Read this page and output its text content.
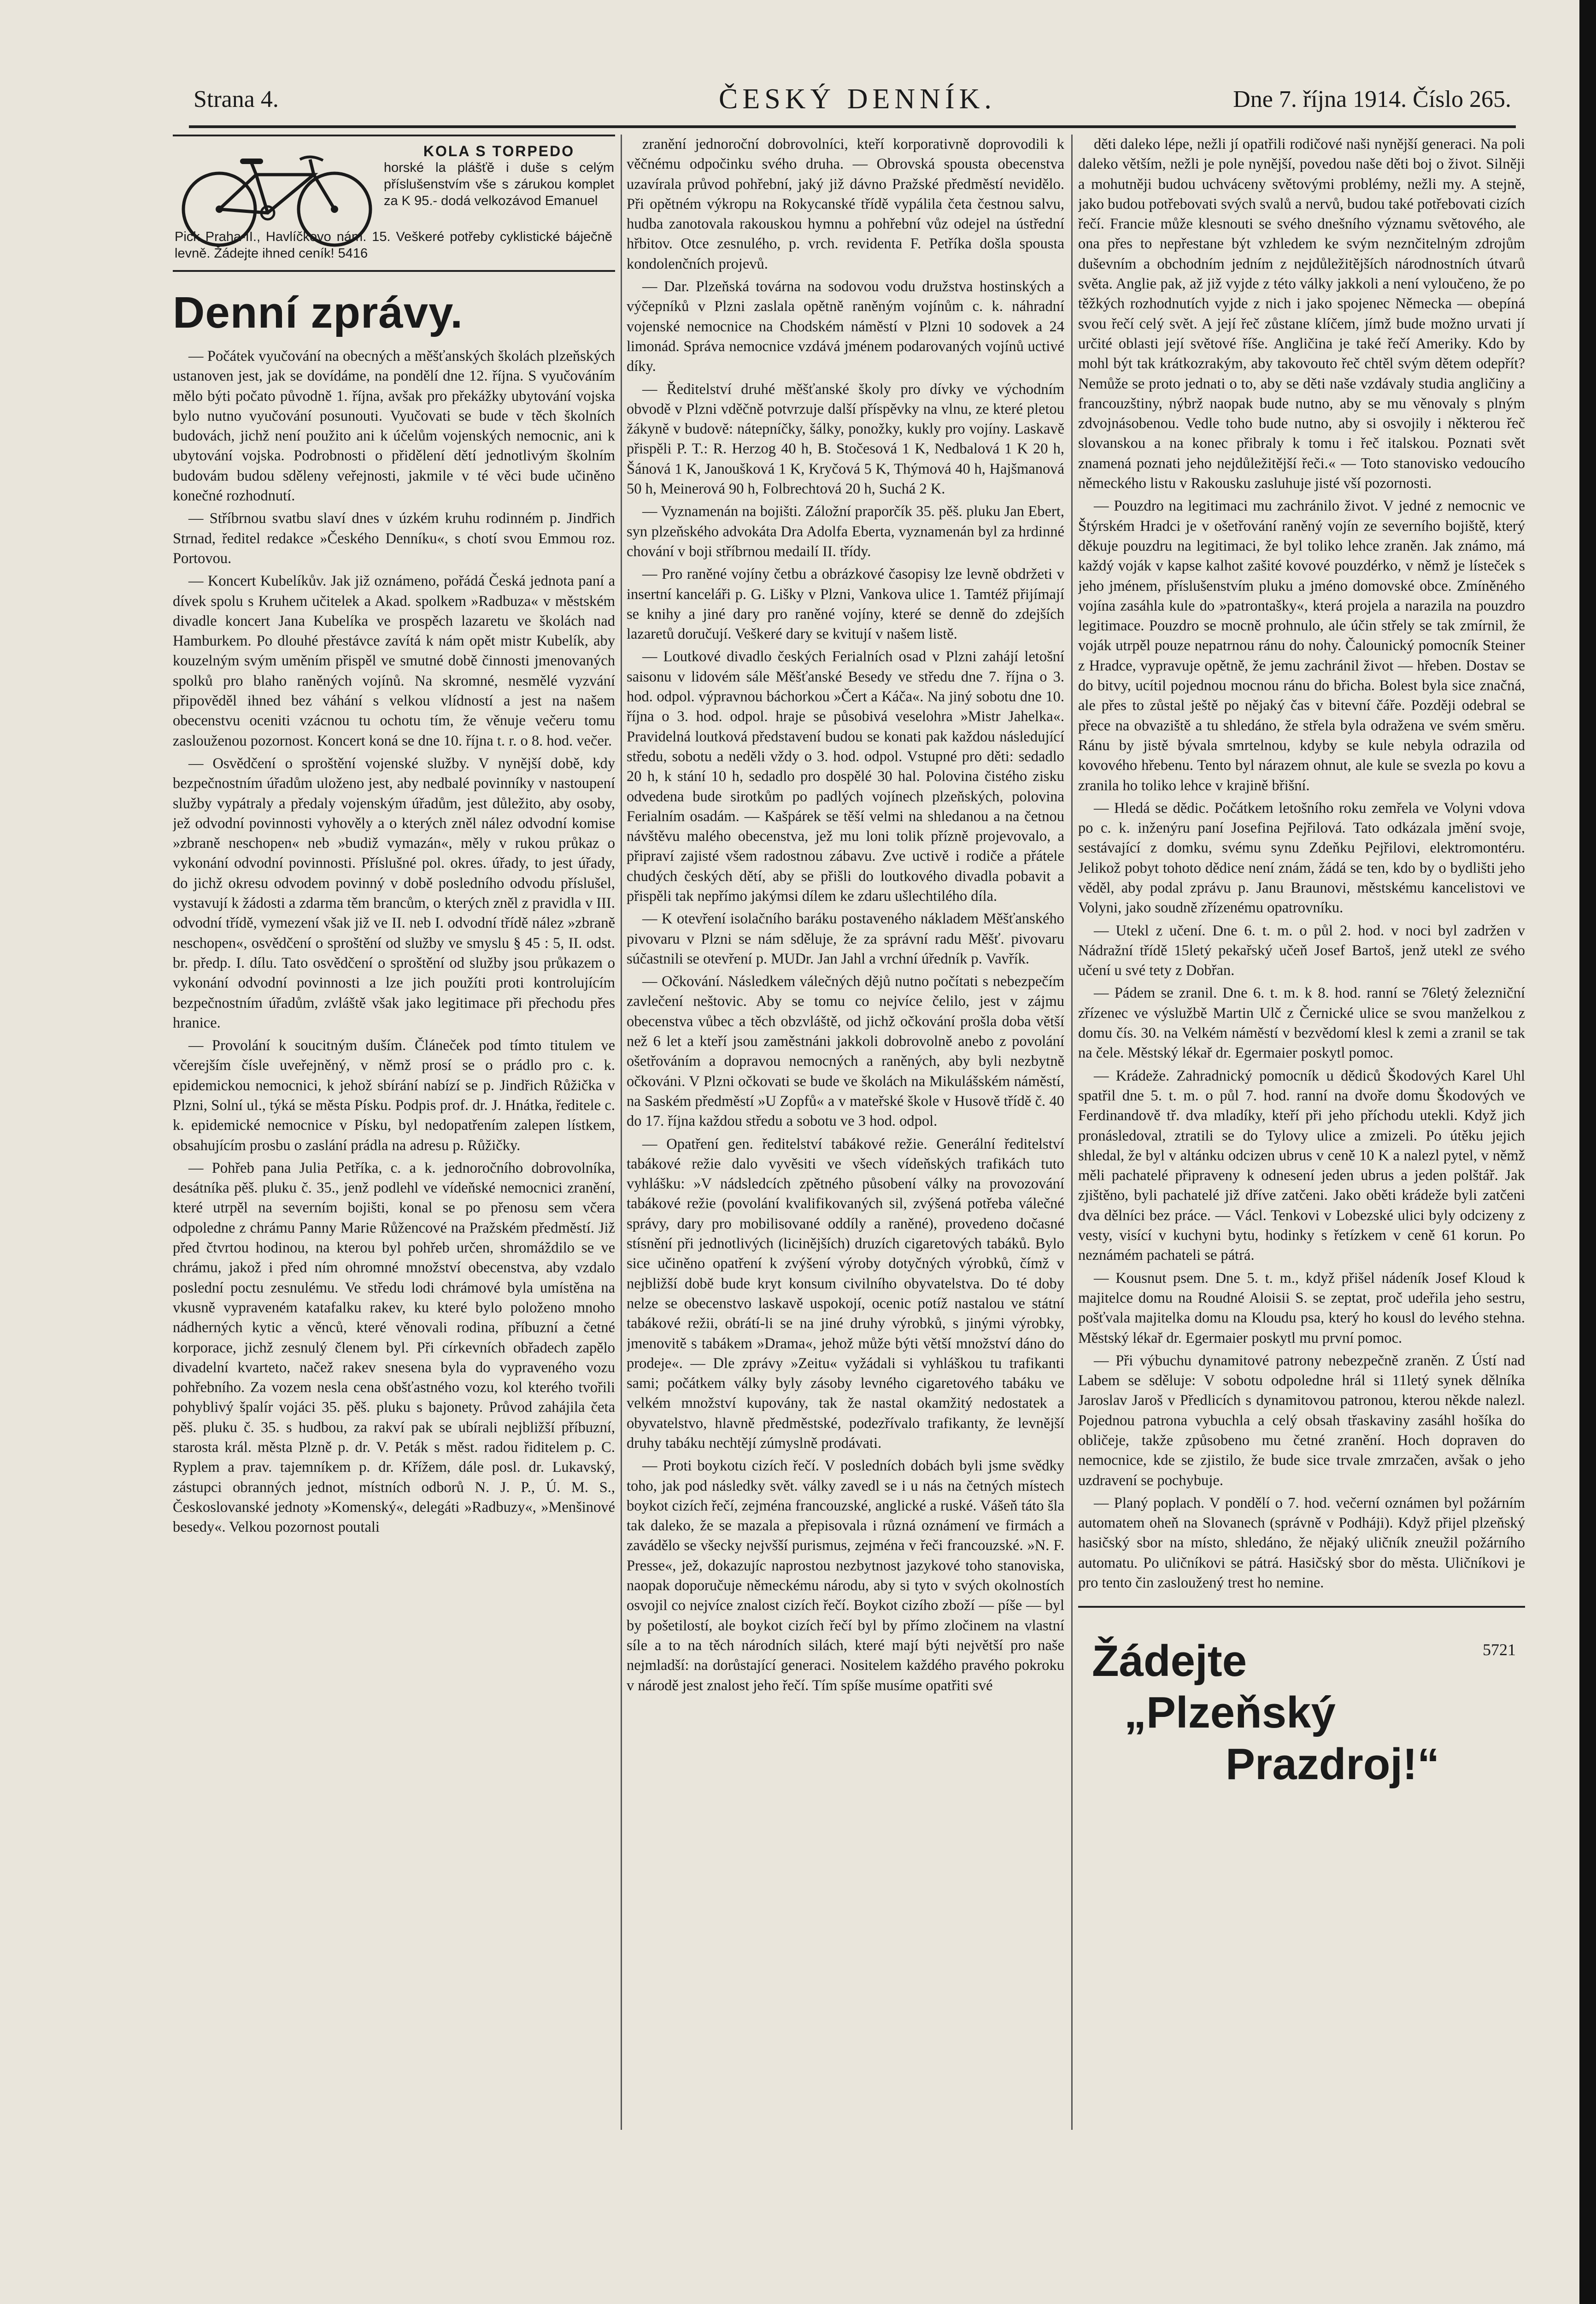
Strana 4.	ČESKÝ DENNÍK.	Dne 7. října 1914. Číslo 265.
KOLA S TORPEDO
horské la plášťě i duše s celým příslušenstvím vše s zárukou komplet za K 95.- dodá velkozávod Emanuel
Pick Praha-II., Havlíčkovo nám. 15. Veškeré potřeby cyklistické báječně levně. Žádejte ihned ceník! 5416
Denní zprávy.

— Počátek vyučování na obecných a měšťanských školách plzeňských ustanoven jest, jak se dovídáme, na pondělí dne 12. října. S vyučováním mělo býti počato původně 1. října, avšak pro překážky ubytování vojska bylo nutno vyučování posunouti. Vyučovati se bude v těch školních budovách, jichž není použito ani k účelům vojenských nemocnic, ani k ubytování vojska. Podrobnosti o přidělení dětí jednotlivým školním budovám budou sděleny veřejnosti, jakmile v té věci bude učiněno konečné rozhodnutí.

— Stříbrnou svatbu slaví dnes v úzkém kruhu rodinném p. Jindřich Strnad, ředitel redakce »Českého Denníku«, s chotí svou Emmou roz. Portovou.

— Koncert Kubelíkův. Jak již oznámeno, pořádá Česká jednota paní a dívek spolu s Kruhem učitelek a Akad. spolkem »Radbuza« v městském divadle koncert Jana Kubelíka ve prospěch lazaretu ve školách nad Hamburkem. Po dlouhé přestávce zavítá k nám opět mistr Kubelík, aby kouzelným svým uměním přispěl ve smutné době činnosti jmenovaných spolků pro blaho raněných vojínů. Na skromné, nesmělé vyzvání připověděl ihned bez váhání s velkou vlídností a jest na našem obecenstvu oceniti vzácnou tu ochotu tím, že věnuje večeru tomu zaslouženou pozornost. Koncert koná se dne 10. října t. r. o 8. hod. večer.

— Osvědčení o sproštění vojenské služby. V nynější době, kdy bezpečnostním úřadům uloženo jest, aby nedbalé povinníky v nastoupení služby vypátraly a předaly vojenským úřadům, jest důležito, aby osoby, jež odvodní povinnosti vyhověly a o kterých zněl nález odvodní komise »zbraně neschopen« neb »budiž vymazán«, měly v rukou průkaz o vykonání odvodní povinnosti. Příslušné pol. okres. úřady, to jest úřady, do jichž okresu odvodem povinný v době posledního odvodu příslušel, vystavují k žádosti a zdarma těm brancům, o kterých zněl z pravidla v III. odvodní třídě, vymezení však již ve II. neb I. odvodní třídě nález »zbraně neschopen«, osvědčení o sproštění od služby ve smyslu § 45 : 5, II. odst. br. předp. I. dílu. Tato osvědčení o sproštění od služby jsou průkazem o vykonání odvodní povinnosti a lze jich použíti proti kontrolujícím bezpečnostním úřadům, zvláště však jako legitimace při přechodu přes hranice.

— Provolání k soucitným duším. Článeček pod tímto titulem ve včerejším čísle uveřejněný, v němž prosí se o prádlo pro c. k. epidemickou nemocnici, k jehož sbírání nabízí se p. Jindřich Růžička v Plzni, Solní ul., týká se města Písku. Podpis prof. dr. J. Hnátka, ředitele c. k. epidemické nemocnice v Písku, byl nedopatřením zalepen lístkem, obsahujícím prosbu o zaslání prádla na adresu p. Růžičky.

— Pohřeb pana Julia Petříka, c. a k. jednoročního dobrovolníka, desátníka pěš. pluku č. 35., jenž podlehl ve vídeňské nemocnici zranění, které utrpěl na severním bojišti, konal se po přenosu sem včera odpoledne z chrámu Panny Marie Růžencové na Pražském předměstí. Již před čtvrtou hodinou, na kterou byl pohřeb určen, shromáždilo se ve chrámu, jakož i před ním ohromné množství obecenstva, aby vzdalo poslední poctu zesnulému. Ve středu lodi chrámové byla umístěna na vkusně vypraveném katafalku rakev, ku které bylo položeno mnoho nádherných kytic a věnců, které věnovali rodina, příbuzní a četné korporace, jichž zesnulý členem byl. Při církevních obřadech zapělo divadelní kvarteto, načež rakev snesena byla do vypraveného vozu pohřebního. Za vozem nesla cena obšťastného vozu, kol kterého tvořili pohyblivý špalír vojáci 35. pěš. pluku s bajonety. Průvod zahájila četa pěš. pluku č. 35. s hudbou, za rakví pak se ubírali nejbližší příbuzní, starosta král. města Plzně p. dr. V. Peták s měst. radou řiditelem p. C. Ryplem a prav. tajemníkem p. dr. Křížem, dále posl. dr. Lukavský, zástupci obranných jednot, místních odborů N. J. P., Ú. M. S., Českoslovanské jednoty »Komenský«, delegáti »Radbuzy«, »Menšinové besedy«. Velkou pozornost poutali

zranění jednoroční dobrovolníci, kteří korporativně doprovodili k věčnému odpočinku svého druha. — Obrovská spousta obecenstva uzavírala průvod pohřební, jaký již dávno Pražské předměstí nevidělo. Při opětném výkropu na Rokycanské třídě vypálila četa čestnou salvu, hudba zanotovala rakouskou hymnu a pohřební vůz odejel na ústřední hřbitov. Otce zesnulého, p. vrch. revidenta F. Petříka došla spousta kondolenčních projevů.

— Dar. Plzeňská továrna na sodovou vodu družstva hostinských a výčepníků v Plzni zaslala opětně raněným vojínům c. k. náhradní vojenské nemocnice na Chodském náměstí v Plzni 10 sodovek a 24 limonád. Správa nemocnice vzdává jménem podarovaných vojínů uctivé díky.

— Ředitelství druhé měšťanské školy pro dívky ve východním obvodě v Plzni vděčně potvrzuje další příspěvky na vlnu, ze které pletou žákyně v budově: nátepníčky, šálky, ponožky, kukly pro vojíny. Laskavě přispěli P. T.: R. Herzog 40 h, B. Stočesová 1 K, Nedbalová 1 K 20 h, Šánová 1 K, Janoušková 1 K, Kryčová 5 K, Thýmová 40 h, Hajšmanová 50 h, Meinerová 90 h, Folbrechtová 20 h, Suchá 2 K.

— Vyznamenán na bojišti. Záložní praporčík 35. pěš. pluku Jan Ebert, syn plzeňského advokáta Dra Adolfa Eberta, vyznamenán byl za hrdinné chování v boji stříbrnou medailí II. třídy.

— Pro raněné vojíny četbu a obrázkové časopisy lze levně obdržeti v insertní kanceláři p. G. Lišky v Plzni, Vankova ulice 1. Tamtéž přijímají se knihy a jiné dary pro raněné vojíny, které se denně do zdejších lazaretů doručují. Veškeré dary se kvitují v našem listě.

— Loutkové divadlo českých Ferialních osad v Plzni zahájí letošní saisonu v lidovém sále Měšťanské Besedy ve středu dne 7. října o 3. hod. odpol. výpravnou báchorkou »Čert a Káča«. Na jiný sobotu dne 10. října o 3. hod. odpol. hraje se působivá veselohra »Mistr Jahelka«. Pravidelná loutková představení budou se konati pak každou následující středu, sobotu a neděli vždy o 3. hod. odpol. Vstupné pro děti: sedadlo 20 h, k stání 10 h, sedadlo pro dospělé 30 hal. Polovina čistého zisku odvedena bude sirotkům po padlých vojínech plzeňských, polovina Ferialním osadám. — Kašpárek se těší velmi na shledanou a na četnou návštěvu malého obecenstva, jež mu loni tolik přízně projevovalo, a připraví zajisté všem radostnou zábavu. Zve uctivě i rodiče a přátele chudých českých dětí, aby se přišli do loutkového divadla pobavit a přispěli tak nepřímo jakýmsi dílem ke zdaru ušlechtilého díla.

— K otevření isolačního baráku postaveného nákladem Měšťanského pivovaru v Plzni se nám sděluje, že za správní radu Měšť. pivovaru súčastnili se otevření p. MUDr. Jan Jahl a vrchní úředník p. Vavřík.

— Očkování. Následkem válečných dějů nutno počítati s nebezpečím zavlečení neštovic. Aby se tomu co nejvíce čelilo, jest v zájmu obecenstva vůbec a těch obzvláště, od jichž očkování prošla doba větší než 6 let a kteří jsou zaměstnáni jakkoli dobrovolně anebo z povolání ošetřováním a dopravou nemocných a raněných, aby byli nezbytně očkováni. V Plzni očkovati se bude ve školách na Mikulášském náměstí, na Saském předměstí »U Zopfů« a v mateřské škole v Husově třídě č. 40 do 17. října každou středu a sobotu ve 3 hod. odpol.

— Opatření gen. ředitelství tabákové režie. Generální ředitelství tabákové režie dalo vyvěsiti ve všech vídeňských trafikách tuto vyhlášku: »V nádsledcích zpětného působení války na provozování tabákové režie (povolání kvalifikovaných sil, zvýšená potřeba válečné správy, dary pro mobilisované oddíly a raněné), provedeno dočasné stísnění při jednotlivých (licinějších) druzích cigaretových tabáků. Bylo sice učiněno opatření k zvýšení výroby dotyčných výrobků, čímž v nejbližší době bude kryt konsum civilního obyvatelstva. Do té doby nelze se obecenstvo laskavě uspokojí, ocenic potíž nastalou ve státní tabákové režii, obrátí-li se na jiné druhy výrobků, s jinými výrobky, jmenovitě s tabákem »Drama«, jehož může býti větší množství dáno do prodeje«. — Dle zprávy »Zeitu« vyžádali si vyhláškou tu trafikanti sami; počátkem války byly zásoby levného cigaretového tabáku ve velkém množství kupovány, tak že nastal okamžitý nedostatek a obyvatelstvo, hlavně předměstské, podezřívalo trafikanty, že levnější druhy tabáku nechtějí zúmyslně prodávati.

— Proti boykotu cizích řečí. V posledních dobách byli jsme svědky toho, jak pod následky svět. války zavedl se i u nás na četných místech boykot cizích řečí, zejména francouzské, anglické a ruské. Vášeň táto šla tak daleko, že se mazala a přepisovala i různá oznámení ve firmách a zavádělo se všecky nejvšší purismus, zejména v řeči francouzské. »N. F. Presse«, jež, dokazujíc naprostou nezbytnost jazykové toho stanoviska, naopak doporučuje německému národu, aby si tyto v svých okolnostích osvojil co nejvíce znalost cizích řečí. Boykot cizího zboží — píše — byl by pošetilostí, ale boykot cizích řečí byl by přímo zločinem na vlastní síle a to na těch národních silách, které mají býti největší pro naše nejmladší: na dorůstající generaci. Nositelem každého pravého pokroku v národě jest znalost jeho řečí. Tím spíše musíme opatřiti své

děti daleko lépe, nežli jí opatřili rodičové naši nynější generaci. Na poli daleko větším, nežli je pole nynější, povedou naše děti boj o život. Silněji a mohutněji budou uchváceny světovými problémy, nežli my. A stejně, jako budou potřebovati svých svalů a nervů, budou také potřebovati cizích řečí. Francie může klesnouti se svého dnešního významu světového, ale ona přes to nepřestane být vzhledem ke svým neznčitelným zdrojům duševním a obchodním jedním z nejdůležitějších národnostních útvarů světa. Anglie pak, až již vyjde z této války jakkoli a není vyloučeno, že po těžkých rozhodnutích vyjde z nich i jako spojenec Německa — obepíná svou řečí celý svět. A její řeč zůstane klíčem, jímž bude možno urvati jí určité oblasti její světové říše. Angličina je také řečí Ameriky. Kdo by mohl být tak krátkozrakým, aby takovouto řeč chtěl svým dětem odepřít? Nemůže se proto jednati o to, aby se děti naše vzdávaly studia angličiny a francouzštiny, nýbrž naopak bude nutno, aby se mu věnovaly s plným zdvojnásobenou. Vedle toho bude nutno, aby si osvojily i některou řeč slovanskou a na konec přibraly k tomu i řeč italskou. Poznati svět znamená poznati jeho nejdůležitější řeči.« — Toto stanovisko vedoucího německého listu v Rakousku zasluhuje jisté vší pozornosti.

— Pouzdro na legitimaci mu zachránilo život. V jedné z nemocnic ve Štýrském Hradci je v ošetřování raněný vojín ze severního bojiště, který děkuje pouzdru na legitimaci, že byl toliko lehce zraněn. Jak známo, má každý voják v kapse kalhot zašité kovové pouzdérko, v němž je lísteček s jeho jménem, příslušenstvím pluku a jméno domovské obce. Zmíněného vojína zasáhla kule do »patrontašky«, která projela a narazila na pouzdro legitimace. Pouzdro se mocně prohnulo, ale účin střely se tak zmírnil, že voják utrpěl pouze nepatrnou ránu do nohy. Čalounický pomocník Steiner z Hradce, vypravuje opětně, že jemu zachránil život — hřeben. Dostav se do bitvy, ucítil pojednou mocnou ránu do břicha. Bolest byla sice značná, ale přes to zůstal ještě po nějaký čas v bitevní čáře. Později odebral se přece na obvaziště a tu shledáno, že střela byla odražena ve svém směru. Ránu by jistě bývala smrtelnou, kdyby se kule nebyla odrazila od kovového hřebenu. Tento byl nárazem ohnut, ale kule se svezla po kovu a zranila ho toliko lehce v krajině břišní.

— Hledá se dědic. Počátkem letošního roku zemřela ve Volyni vdova po c. k. inženýru paní Josefina Pejřilová. Tato odkázala jmění svoje, sestávající z domku, svému synu Zdeňku Pejřilovi, elektromontéru. Jelikož pobyt tohoto dědice není znám, žádá se ten, kdo by o bydlišti jeho věděl, aby podal zprávu p. Janu Braunovi, městskému kancelistovi ve Volyni, jako soudně zřízenému opatrovníku.

— Utekl z učení. Dne 6. t. m. o půl 2. hod. v noci byl zadržen v Nádražní třídě 15letý pekařský učeň Josef Bartoš, jenž utekl ze svého učení u své tety z Dobřan.

— Pádem se zranil. Dne 6. t. m. k 8. hod. ranní se 76letý železniční zřízenec ve výslužbě Martin Ulč z Černické ulice se svou manželkou z domu čís. 30. na Velkém náměstí v bezvědomí klesl k zemi a zranil se tak na čele. Městský lékař dr. Egermaier poskytl pomoc.

— Krádeže. Zahradnický pomocník u dědiců Škodových Karel Uhl spatřil dne 5. t. m. o půl 7. hod. ranní na dvoře domu Škodových ve Ferdinandově tř. dva mladíky, kteří při jeho příchodu utekli. Když jich pronásledoval, ztratili se do Tylovy ulice a zmizeli. Po útěku jejich shledal, že byl v altánku odcizen ubrus v ceně 10 K a nalezl pytel, v němž měli pachatelé připraveny k odnesení jeden ubrus a jeden polštář. Jak zjištěno, byli pachatelé již dříve zatčeni. Jako oběti krádeže byli zatčeni dva dělníci bez práce. — Václ. Tenkovi v Lobezské ulici byly odcizeny z vesty, visící v kuchyni bytu, hodinky s řetízkem v ceně 61 korun. Po neznámém pachateli se pátrá.

— Kousnut psem. Dne 5. t. m., když přišel nádeník Josef Kloud k majitelce domu na Roudné Aloisii S. se zeptat, proč udeřila jeho sestru, pošťvala majitelka domu na Kloudu psa, který ho kousl do levého stehna. Městský lékař dr. Egermaier poskytl mu první pomoc.

— Při výbuchu dynamitové patrony nebezpečně zraněn. Z Ústí nad Labem se sděluje: V sobotu odpoledne hrál si 11letý synek dělníka Jaroslav Jaroš v Předlicích s dynamitovou patronou, kterou někde nalezl. Pojednou patrona vybuchla a celý obsah třaskaviny zasáhl hošíka do obličeje, takže způsobeno mu četné zranění. Hoch dopraven do nemocnice, kde se zjistilo, že bude sice trvale zmrzačen, avšak o jeho uzdravení se pochybuje.

— Planý poplach. V pondělí o 7. hod. večerní oznámen byl požárním automatem oheň na Slovanech (správně v Podháji). Když přijel plzeňský hasičský sbor na místo, shledáno, že nějaký uličník zneužil požárního automatu. Po uličníkovi se pátrá. Hasičský sbor do města. Uličníkovi je pro tento čin zasloužený trest ho nemine.

5721
Žádejte
„Plzeňský
Prazdroj!“
